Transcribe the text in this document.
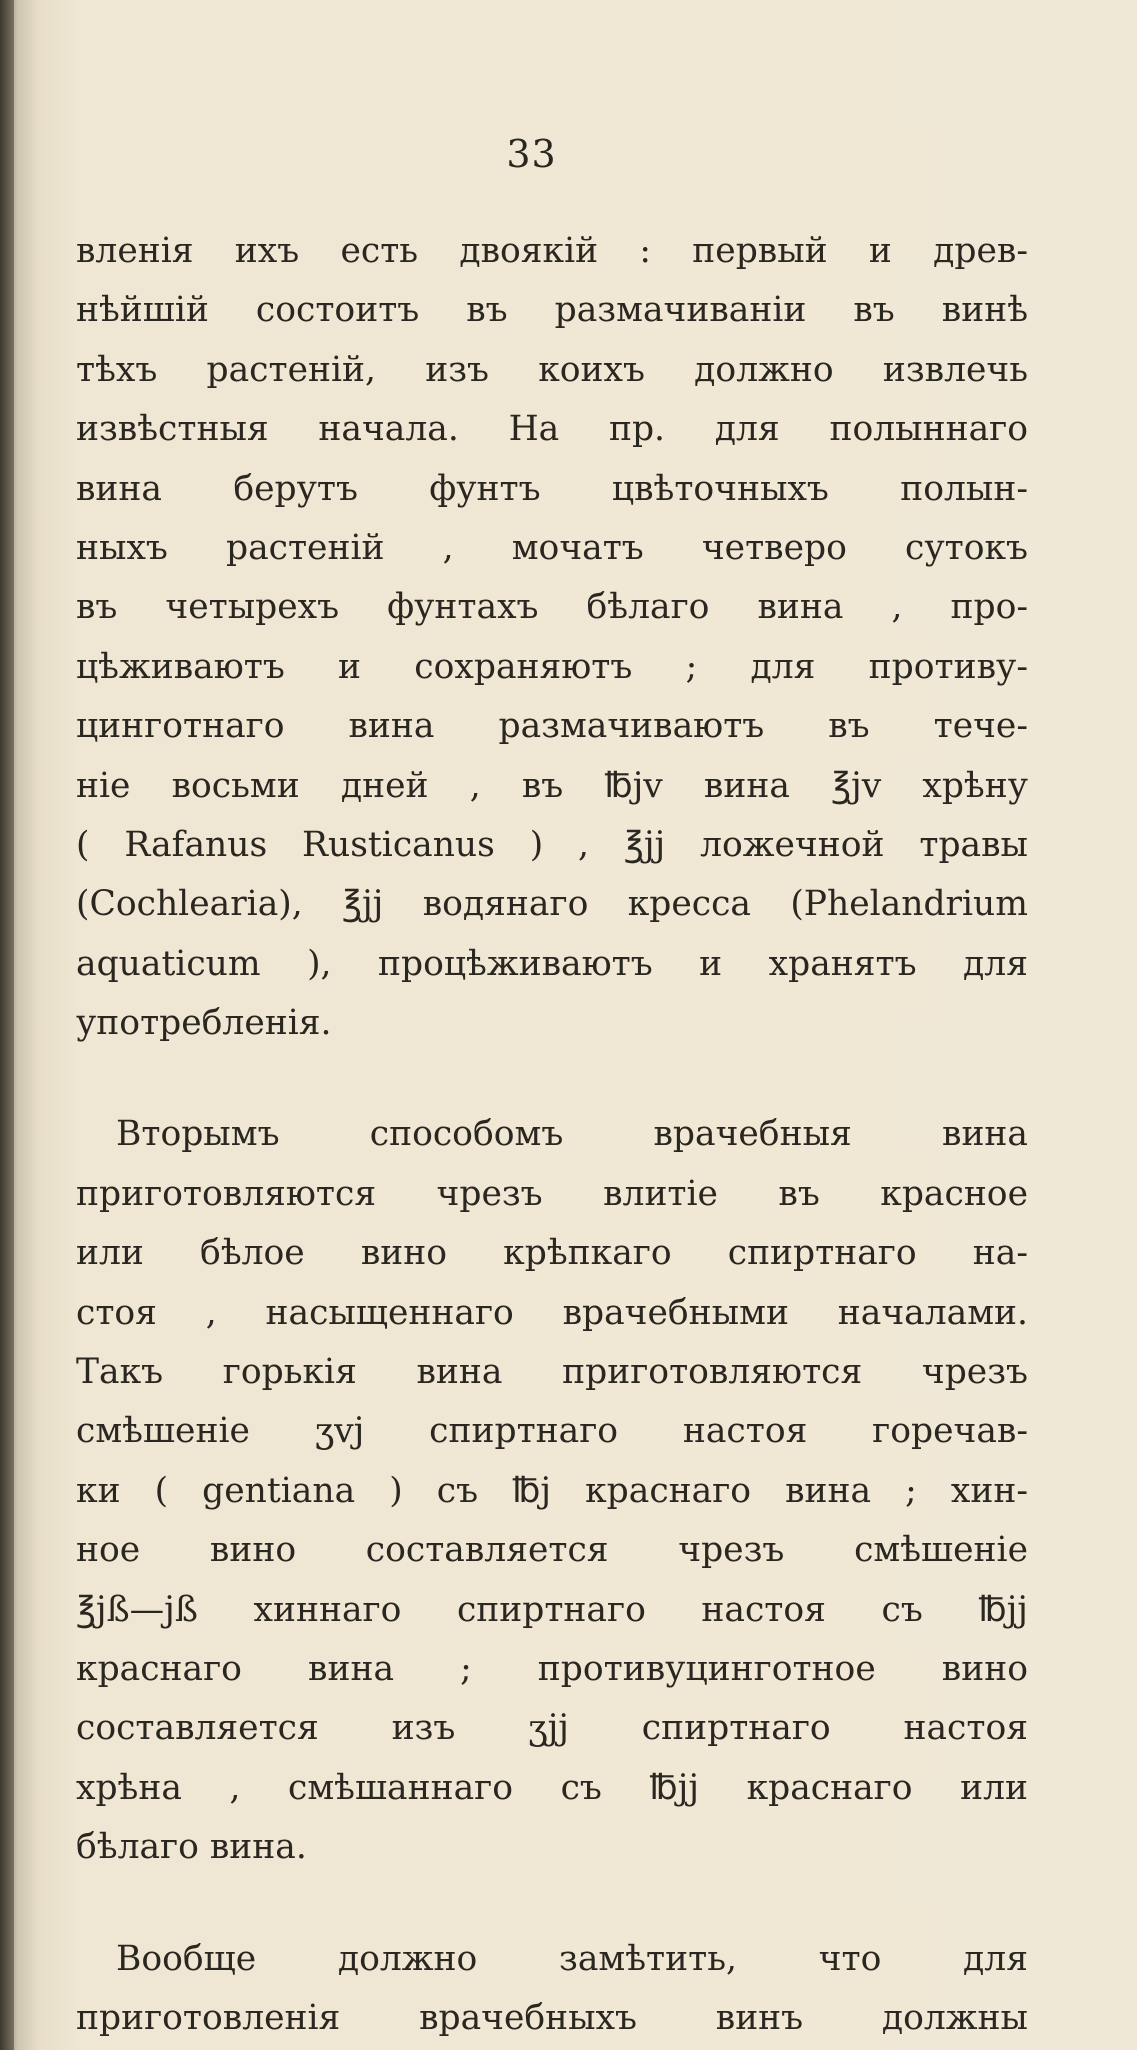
33

вленія ихъ есть двоякій : первый и древ-
нѣйшій состоитъ въ размачиваніи въ винѣ
тѣхъ растеній, изъ коихъ должно извлечь
извѣстныя начала. На пр. для полыннаго
вина берутъ фунтъ цвѣточныхъ полын-
ныхъ растеній , мочатъ четверо сутокъ
въ четырехъ фунтахъ бѣлаго вина , про-
цѣживаютъ и сохраняютъ ; для противу-
цинготнаго вина размачиваютъ въ тече-
ніе восьми дней , въ ℔jv вина ℥jv хрѣну
( Rafanus Rusticanus ) , ℥jj ложечной травы
(Cochlearia), ℥jj водянаго кресса (Phelandrium
aquaticum ), процѣживаютъ и хранятъ для
употребленія.
Вторымъ способомъ врачебныя вина
приготовляются чрезъ влитіе въ красное
или бѣлое вино крѣпкаго спиртнаго на-
стоя , насыщеннаго врачебными началами.
Такъ горькія вина приготовляются чрезъ
смѣшеніе ʒvj спиртнаго настоя горечав-
ки ( gentiana ) съ ℔j краснаго вина ; хин-
ное вино составляется чрезъ смѣшеніе
℥jß—jß хиннаго спиртнаго настоя съ ℔jj
краснаго вина ; противуцинготное вино
составляется изъ ʒjj спиртнаго настоя
хрѣна , смѣшаннаго съ ℔jj краснаго или
бѣлаго вина.
Вообще должно замѣтить, что для
приготовленія врачебныхъ винъ должны
